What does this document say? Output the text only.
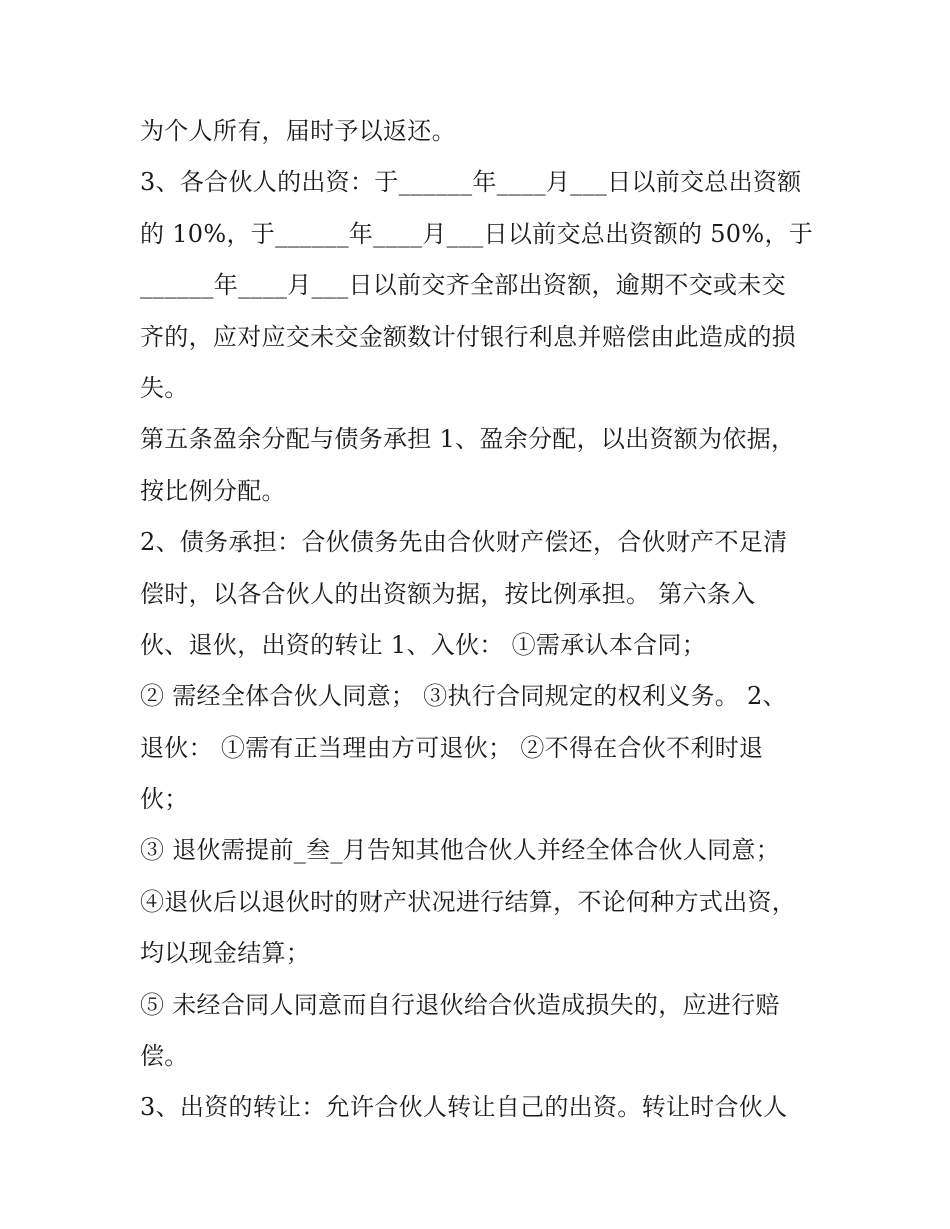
为个人所有，届时予以返还。
3、各合伙人的出资：于______年____月___日以前交总出资额
的 10%，于______年____月___日以前交总出资额的 50%，于
______年____月___日以前交齐全部出资额，逾期不交或未交
齐的，应对应交未交金额数计付银行利息并赔偿由此造成的损
失。
第五条盈余分配与债务承担 1、盈余分配，以出资额为依据，
按比例分配。
2、债务承担：合伙债务先由合伙财产偿还，合伙财产不足清
偿时，以各合伙人的出资额为据，按比例承担。 第六条入
伙、退伙，出资的转让 1、入伙： ①需承认本合同；
② 需经全体合伙人同意； ③执行合同规定的权利义务。 2、
退伙： ①需有正当理由方可退伙； ②不得在合伙不利时退
伙；
③ 退伙需提前_叁_月告知其他合伙人并经全体合伙人同意；
④退伙后以退伙时的财产状况进行结算，不论何种方式出资，
均以现金结算；
⑤ 未经合同人同意而自行退伙给合伙造成损失的，应进行赔
偿。
3、出资的转让：允许合伙人转让自己的出资。转让时合伙人
